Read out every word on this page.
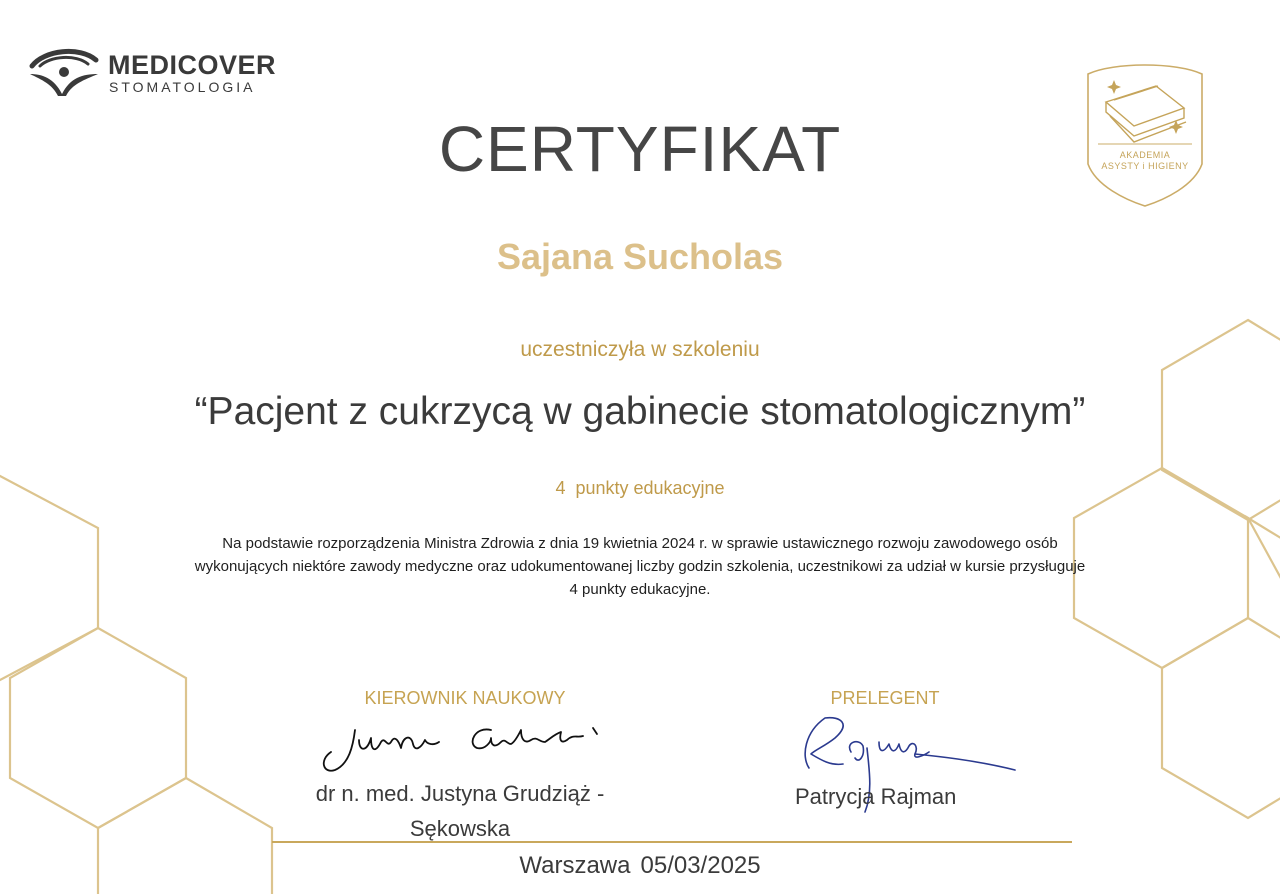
MEDICOVER
STOMATOLOGIA
AKADEMIA
ASYSTY i HIGIENY
CERTYFIKAT
Sajana Sucholas
uczestniczyła w szkoleniu
“Pacjent z cukrzycą w gabinecie stomatologicznym”
4 punkty edukacyjne
Na podstawie rozporządzenia Ministra Zdrowia z dnia 19 kwietnia 2024 r. w sprawie ustawicznego rozwoju zawodowego osób wykonujących niektóre zawody medyczne oraz udokumentowanej liczby godzin szkolenia, uczestnikowi za udział w kursie przysługuje 4 punkty edukacyjne.
KIEROWNIK NAUKOWY	PRELEGENT
dr n. med. Justyna Grudziąż -
Sękowska
Patrycja Rajman
Warszawa 05/03/2025
